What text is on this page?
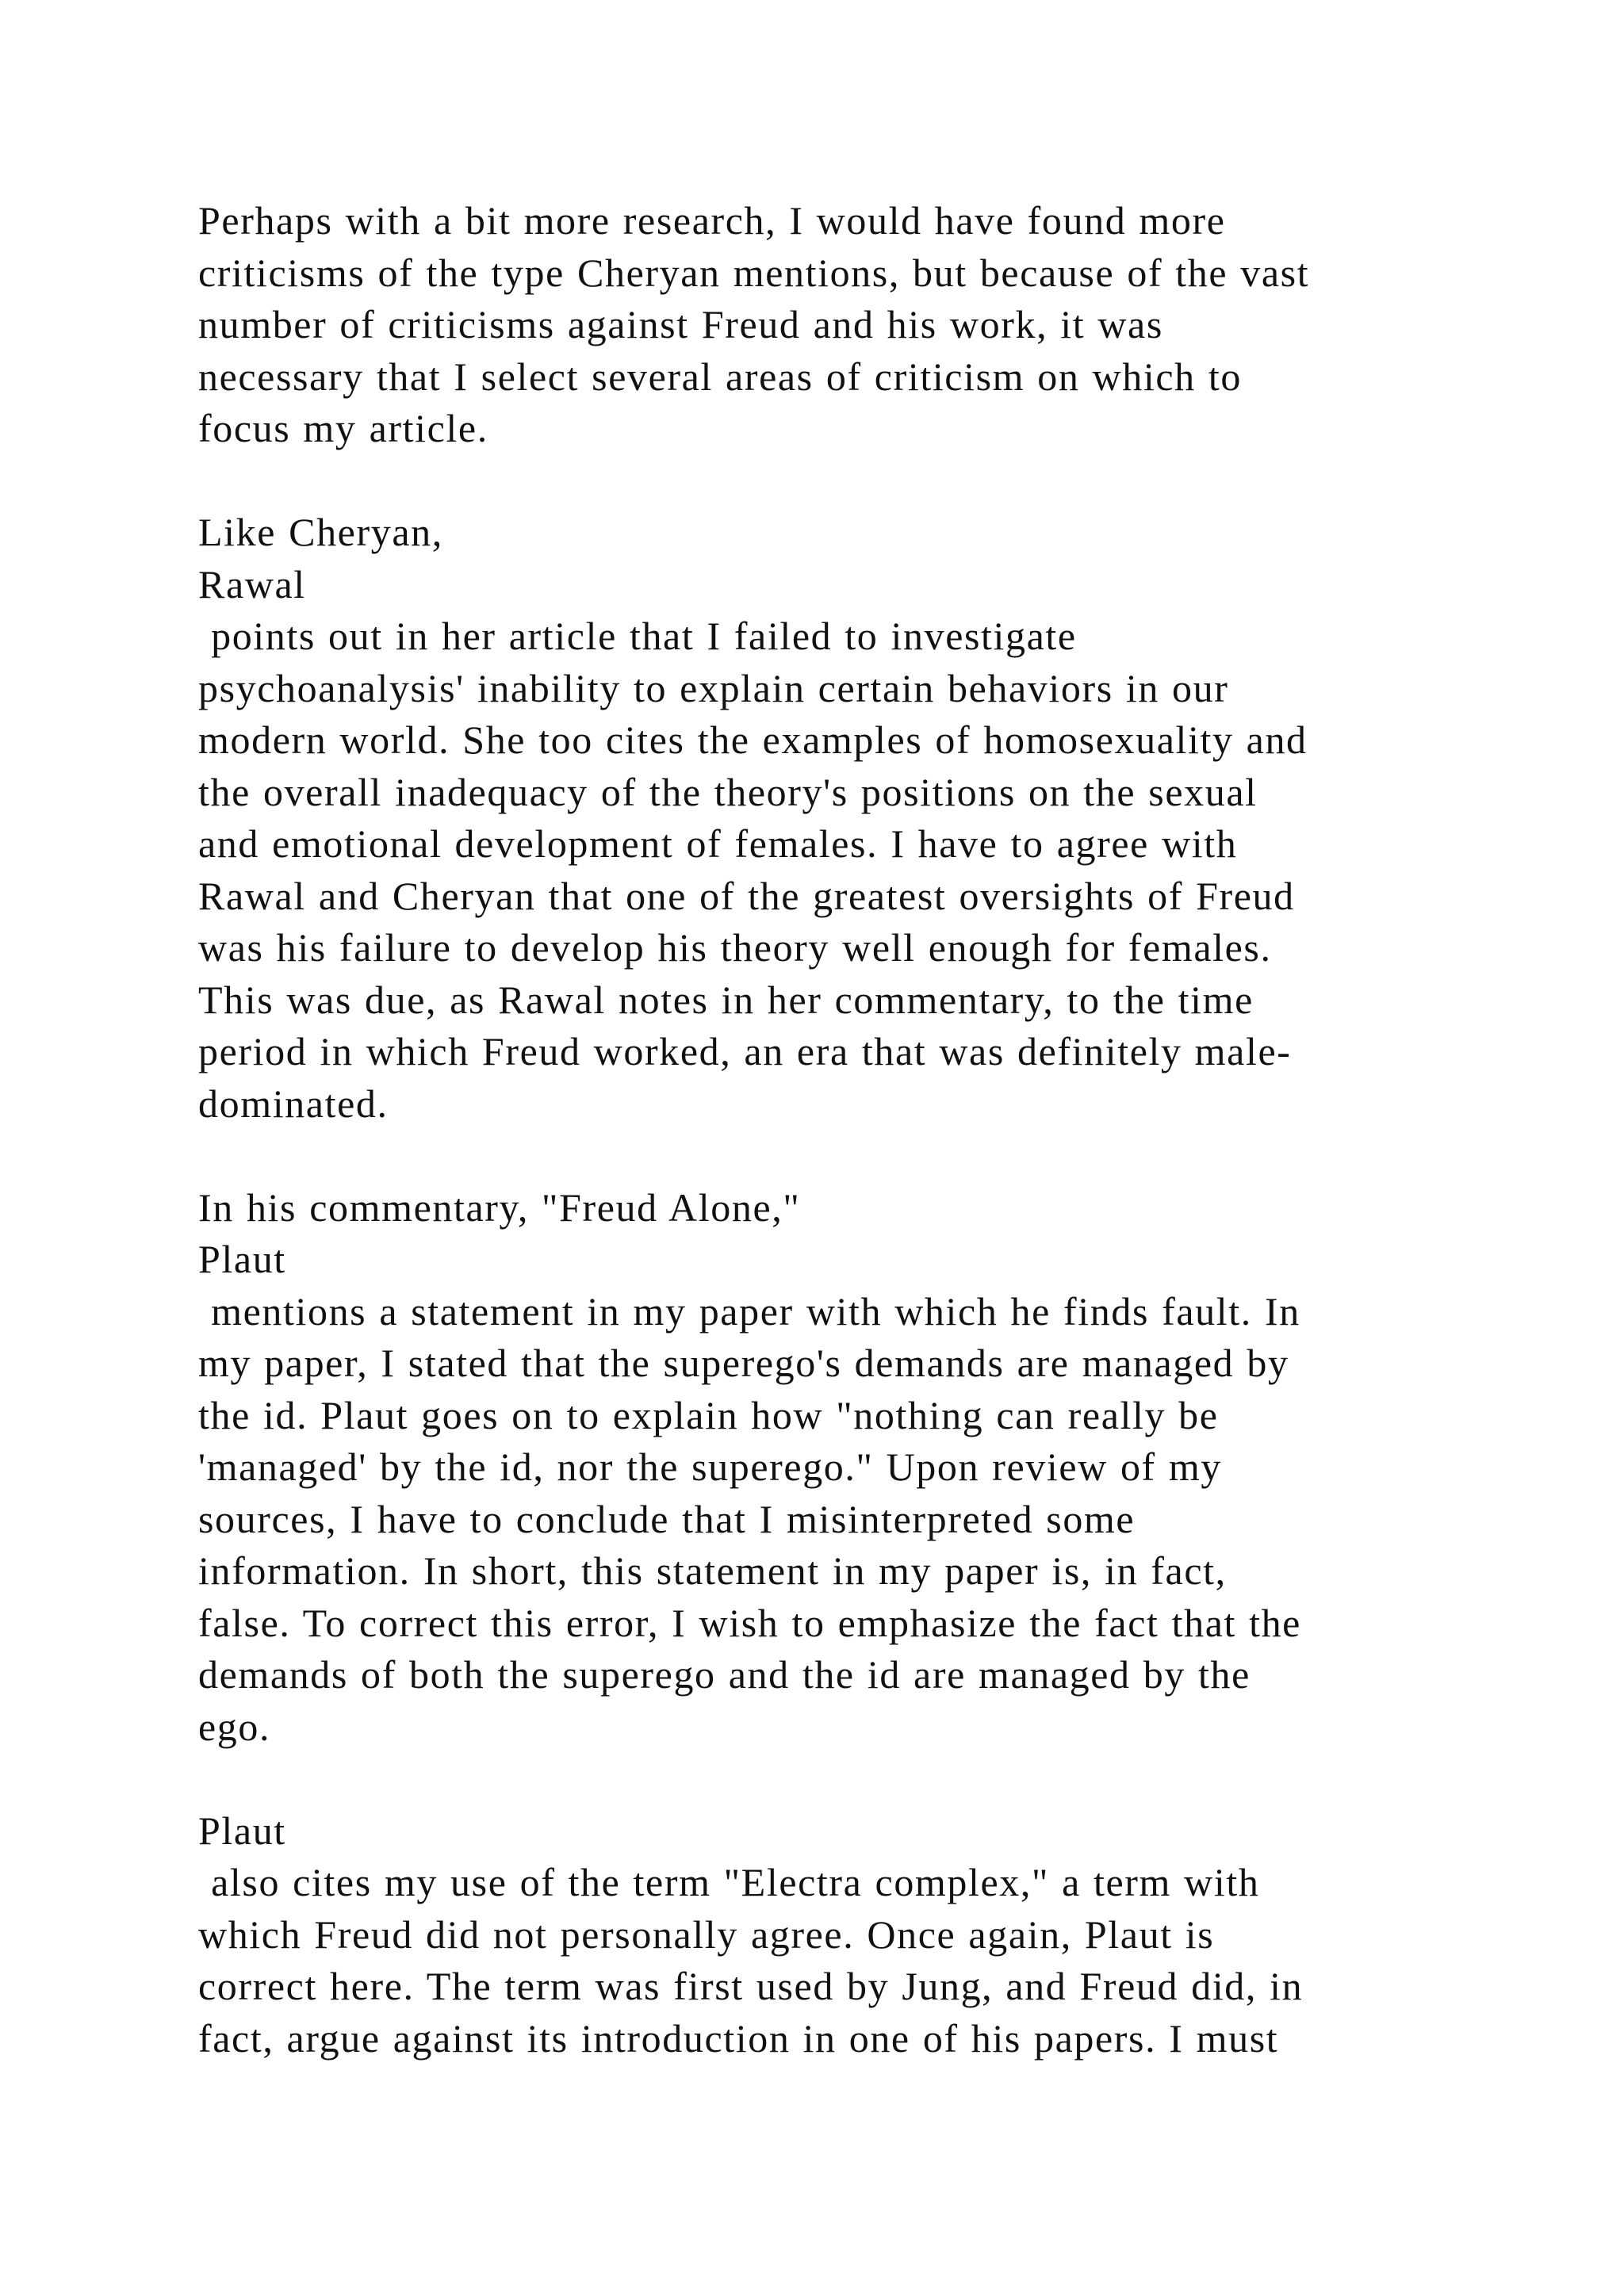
Perhaps with a bit more research, I would have found more
criticisms of the type Cheryan mentions, but because of the vast
number of criticisms against Freud and his work, it was
necessary that I select several areas of criticism on which to
focus my article.
Like Cheryan,
Rawal
points out in her article that I failed to investigate
psychoanalysis' inability to explain certain behaviors in our
modern world. She too cites the examples of homosexuality and
the overall inadequacy of the theory's positions on the sexual
and emotional development of females. I have to agree with
Rawal and Cheryan that one of the greatest oversights of Freud
was his failure to develop his theory well enough for females.
This was due, as Rawal notes in her commentary, to the time
period in which Freud worked, an era that was definitely male-
dominated.
In his commentary, "Freud Alone,"
Plaut
mentions a statement in my paper with which he finds fault. In
my paper, I stated that the superego's demands are managed by
the id. Plaut goes on to explain how "nothing can really be
'managed' by the id, nor the superego." Upon review of my
sources, I have to conclude that I misinterpreted some
information. In short, this statement in my paper is, in fact,
false. To correct this error, I wish to emphasize the fact that the
demands of both the superego and the id are managed by the
ego.
Plaut
also cites my use of the term "Electra complex," a term with
which Freud did not personally agree. Once again, Plaut is
correct here. The term was first used by Jung, and Freud did, in
fact, argue against its introduction in one of his papers. I must
